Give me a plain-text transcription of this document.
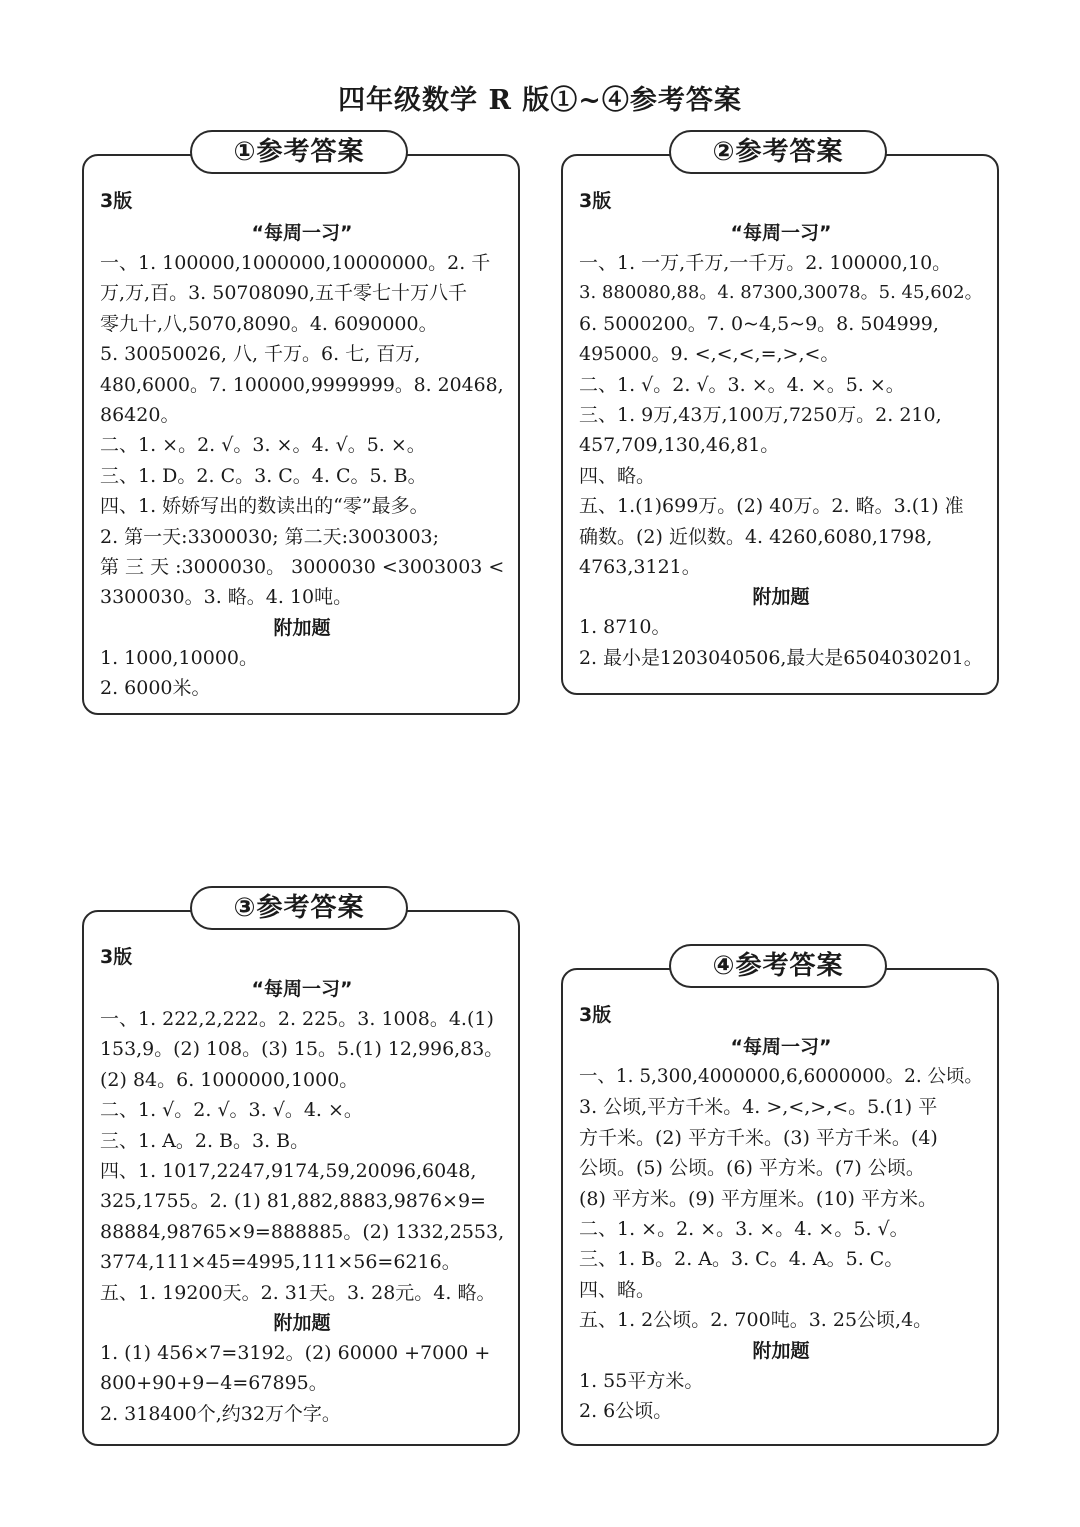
四年级数学 R 版①~④参考答案
①参考答案
3版
“每周一习”
一、1. 100000,1000000,10000000。2. 千
万,万,百。3. 50708090,五千零七十万八千
零九十,八,5070,8090。4. 6090000。
5. 30050026, 八, 千万。6. 七, 百万,
480,6000。7. 100000,9999999。8. 20468,
86420。
二、1. ×。2. √。3. ×。4. √。5. ×。
三、1. D。2. C。3. C。4. C。5. B。
四、1. 娇娇写出的数读出的“零”最多。
2. 第一天:3300030; 第二天:3003003;
第 三 天 :3000030。 3000030 <3003003 <
3300030。3. 略。4. 10吨。
附加题
1. 1000,10000。
2. 6000米。
②参考答案
3版
“每周一习”
一、1. 一万,千万,一千万。2. 100000,10。
3. 880080,88。4. 87300,30078。5. 45,602。
6. 5000200。7. 0~4,5~9。8. 504999,
495000。9. <,<,<,=,>,<。
二、1. √。2. √。3. ×。4. ×。5. ×。
三、1. 9万,43万,100万,7250万。2. 210,
457,709,130,46,81。
四、略。
五、1.(1)699万。(2) 40万。2. 略。3.(1) 准
确数。(2) 近似数。4. 4260,6080,1798,
4763,3121。
附加题
1. 8710。
2. 最小是1203040506,最大是6504030201。
③参考答案
3版
“每周一习”
一、1. 222,2,222。2. 225。3. 1008。4.(1)
153,9。(2) 108。(3) 15。5.(1) 12,996,83。
(2) 84。6. 1000000,1000。
二、1. √。2. √。3. √。4. ×。
三、1. A。2. B。3. B。
四、1. 1017,2247,9174,59,20096,6048,
325,1755。2. (1) 81,882,8883,9876×9=
88884,98765×9=888885。(2) 1332,2553,
3774,111×45=4995,111×56=6216。
五、1. 19200天。2. 31天。3. 28元。4. 略。
附加题
1. (1) 456×7=3192。(2) 60000 +7000 +
800+90+9−4=67895。
2. 318400个,约32万个字。
④参考答案
3版
“每周一习”
一、1. 5,300,4000000,6,6000000。2. 公顷。
3. 公顷,平方千米。4. >,<,>,<。5.(1) 平
方千米。(2) 平方千米。(3) 平方千米。(4)
公顷。(5) 公顷。(6) 平方米。(7) 公顷。
(8) 平方米。(9) 平方厘米。(10) 平方米。
二、1. ×。2. ×。3. ×。4. ×。5. √。
三、1. B。2. A。3. C。4. A。5. C。
四、略。
五、1. 2公顷。2. 700吨。3. 25公顷,4。
附加题
1. 55平方米。
2. 6公顷。
